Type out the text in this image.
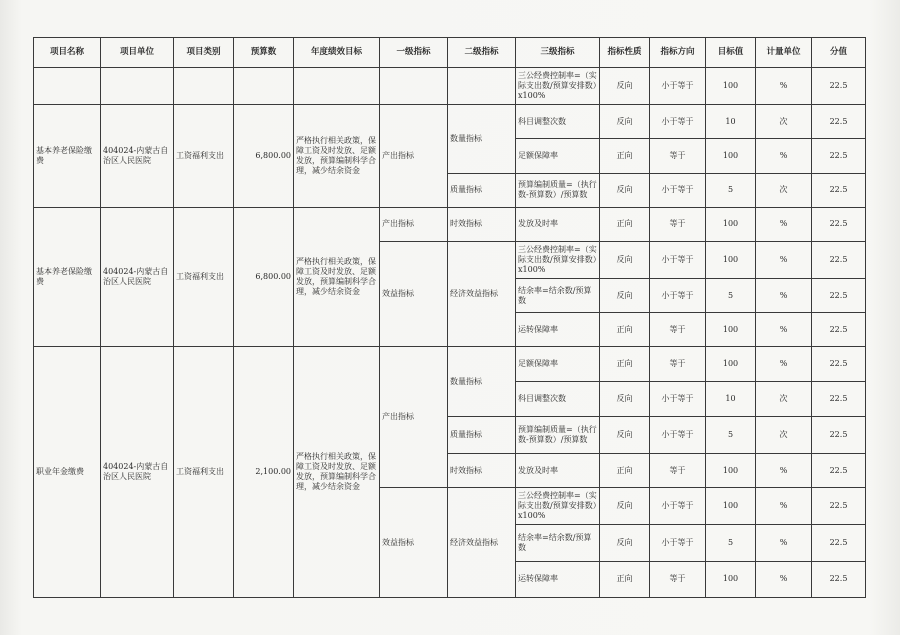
项目名称	项目单位	项目类别	预算数	年度绩效目标	一级指标	二级指标	三级指标	指标性质	指标方向	目标值	计量单位	分值
							三公经费控制率=（实际支出数/预算安排数）x100%	反向	小于等于	100	%	22.5
基本养老保险缴费	404024-内蒙古自治区人民医院	工资福利支出	6,800.00	严格执行相关政策，保障工资及时发放、足额发放，预算编制科学合理，减少结余资金	产出指标	数量指标	科目调整次数	反向	小于等于	10	次	22.5
							足额保障率	正向	等于	100	%	22.5
						质量指标	预算编制质量=（执行数-预算数）/预算数	反向	小于等于	5	次	22.5
基本养老保险缴费	404024-内蒙古自治区人民医院	工资福利支出	6,800.00	严格执行相关政策，保障工资及时发放、足额发放，预算编制科学合理，减少结余资金	产出指标	时效指标	发放及时率	正向	等于	100	%	22.5
					效益指标	经济效益指标	三公经费控制率=（实际支出数/预算安排数）x100%	反向	小于等于	100	%	22.5
							结余率=结余数/预算数	反向	小于等于	5	%	22.5
							运转保障率	正向	等于	100	%	22.5
职业年金缴费	404024-内蒙古自治区人民医院	工资福利支出	2,100.00	严格执行相关政策，保障工资及时发放、足额发放，预算编制科学合理，减少结余资金	产出指标	数量指标	足额保障率	正向	等于	100	%	22.5
							科目调整次数	反向	小于等于	10	次	22.5
						质量指标	预算编制质量=（执行数-预算数）/预算数	反向	小于等于	5	次	22.5
						时效指标	发放及时率	正向	等于	100	%	22.5
					效益指标	经济效益指标	三公经费控制率=（实际支出数/预算安排数）x100%	反向	小于等于	100	%	22.5
							结余率=结余数/预算数	反向	小于等于	5	%	22.5
							运转保障率	正向	等于	100	%	22.5
